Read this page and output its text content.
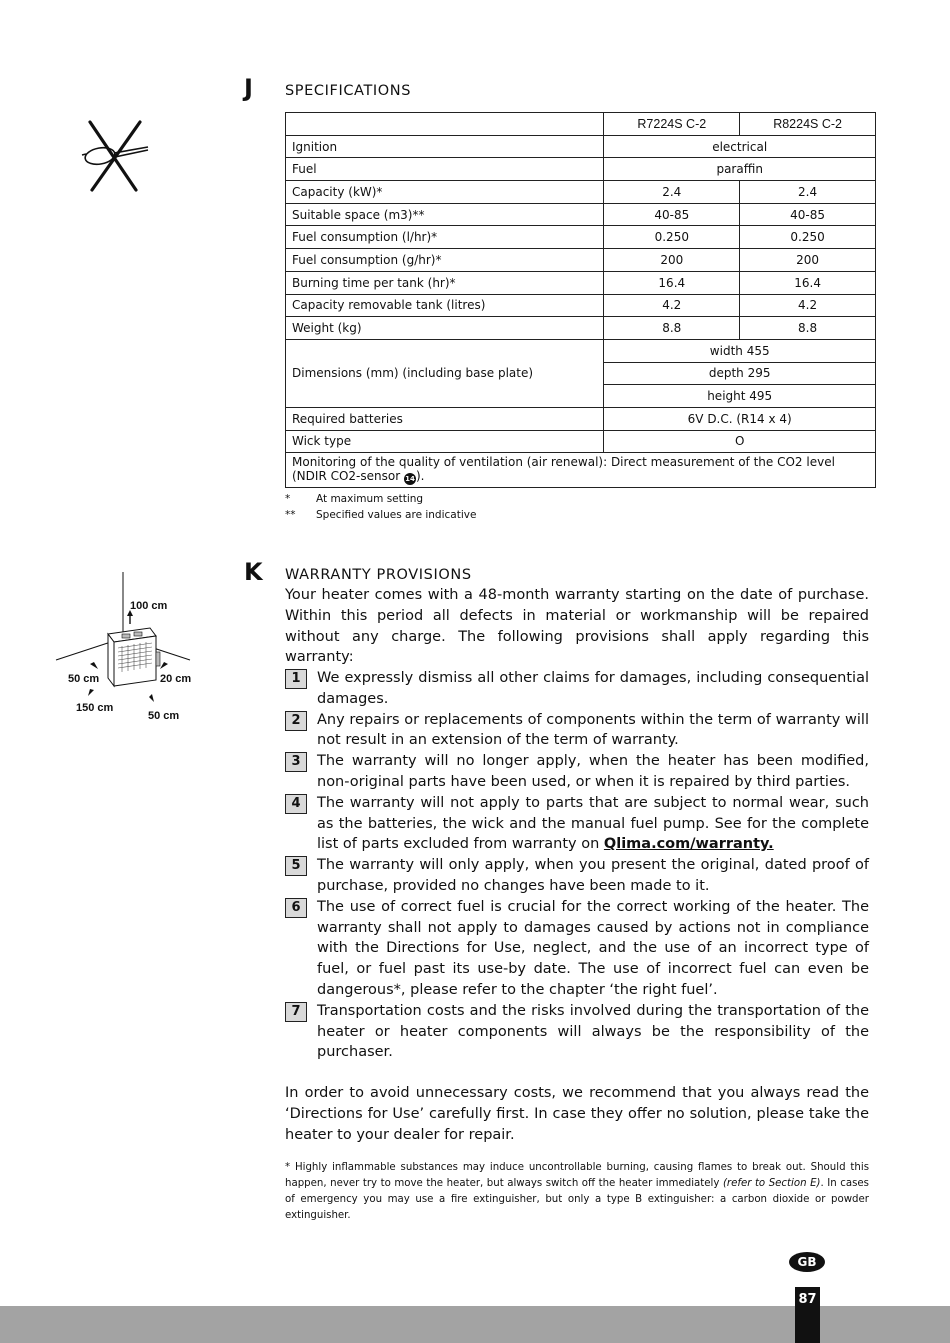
J SPECIFICATIONS
	R7224S C-2	R8224S C-2
Ignition	electrical	
Fuel	paraffin	
Capacity (kW)*	2.4	2.4
Suitable space (m3)**	40-85	40-85
Fuel consumption (l/hr)*	0.250	0.250
Fuel consumption (g/hr)*	200	200
Burning time per tank (hr)*	16.4	16.4
Capacity removable tank (litres)	4.2	4.2
Weight (kg)	8.8	8.8
Dimensions (mm) (including base plate)	width 455	
	depth 295	
	height 495	
Required batteries	6V D.C. (R14 x 4)	
Wick type	O	
Monitoring of the quality of ventilation (air renewal): Direct measurement of the CO2 level (NDIR CO2-sensor 14).		
*	At maximum setting
**	Specified values are indicative
100 cm
50 cm	20 cm
150 cm
50 cm
K WARRANTY PROVISIONS
Your heater comes with a 48-month warranty starting on the date of purchase. Within this period all defects in material or workmanship will be repaired without any charge. The following provisions shall apply regarding this warranty:
1	We expressly dismiss all other claims for damages, including consequential damages.
2	Any repairs or replacements of components within the term of warranty will not result in an extension of the term of warranty.
3	The warranty will no longer apply, when the heater has been modified, non-original parts have been used, or when it is repaired by third parties.
4	The warranty will not apply to parts that are subject to normal wear, such as the batteries, the wick and the manual fuel pump. See for the complete list of parts excluded from warranty on Qlima.com/warranty.
5	The warranty will only apply, when you present the original, dated proof of purchase, provided no changes have been made to it.
6	The use of correct fuel is crucial for the correct working of the heater. The warranty shall not apply to damages caused by actions not in compliance with the Directions for Use, neglect, and the use of an incorrect type of fuel, or fuel past its use-by date. The use of incorrect fuel can even be dangerous*, please refer to the chapter ‘the right fuel’.
7	Transportation costs and the risks involved during the transportation of the heater or heater components will always be the responsibility of the purchaser.
In order to avoid unnecessary costs, we recommend that you always read the ‘Directions for Use’ carefully first. In case they offer no solution, please take the heater to your dealer for repair.
* Highly inflammable substances may induce uncontrollable burning, causing flames to break out. Should this happen, never try to move the heater, but always switch off the heater immediately (refer to Section E). In cases of emergency you may use a fire extinguisher, but only a type B extinguisher: a carbon dioxide or powder extinguisher.
GB
87
